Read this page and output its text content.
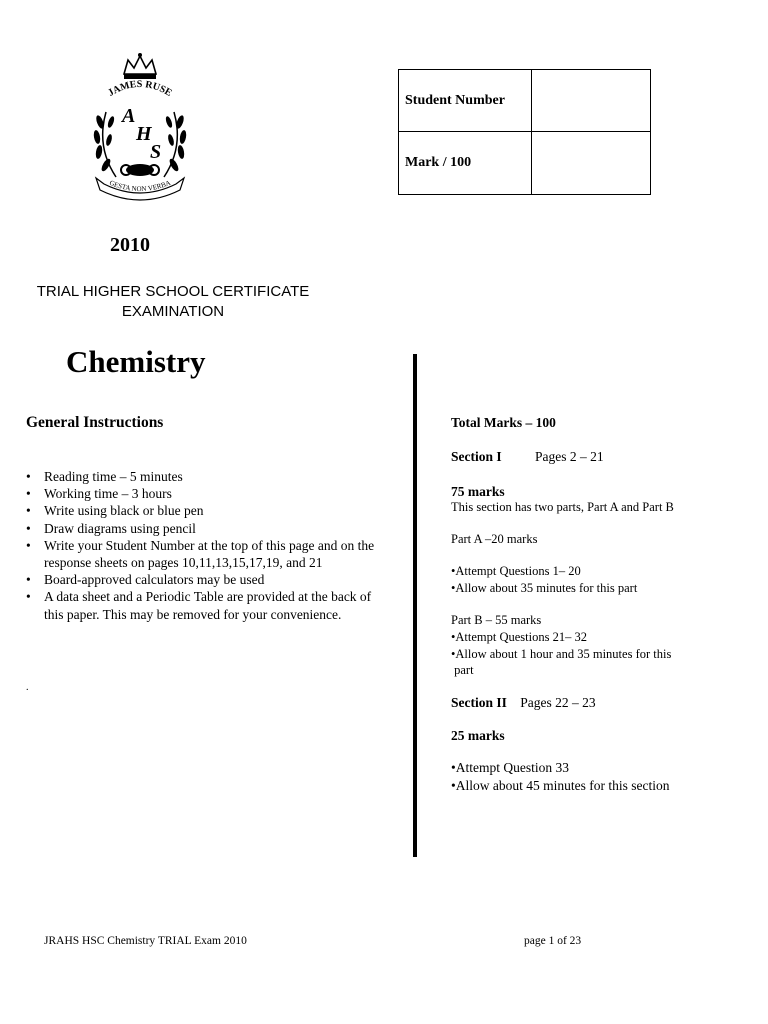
JAMES RUSE
A
H
S
GESTA NON VERBA
Student Number
Mark / 100
2010
TRIAL HIGHER SCHOOL CERTIFICATE
EXAMINATION
Chemistry
General Instructions
• Reading time – 5 minutes
• Working time – 3 hours
• Write using black or blue pen
• Draw diagrams using pencil
• Write your Student Number at the top of this page and on the response sheets on pages 10,11,13,15,17,19, and 21
• Board-approved calculators may be used
• A data sheet and a Periodic Table are provided at the back of this paper. This may be removed for your convenience.
.
Total Marks – 100
Section I Pages 2 – 21
75 marks
This section has two parts, Part A and Part B
Part A –20 marks
•Attempt Questions 1– 20
•Allow about 35 minutes for this part
Part B – 55 marks
•Attempt Questions 21– 32
•Allow about 1 hour and 35 minutes for this
part
Section II Pages 22 – 23
25 marks
•Attempt Question 33
•Allow about 45 minutes for this section
JRAHS HSC Chemistry TRIAL Exam 2010	page 1 of 23
